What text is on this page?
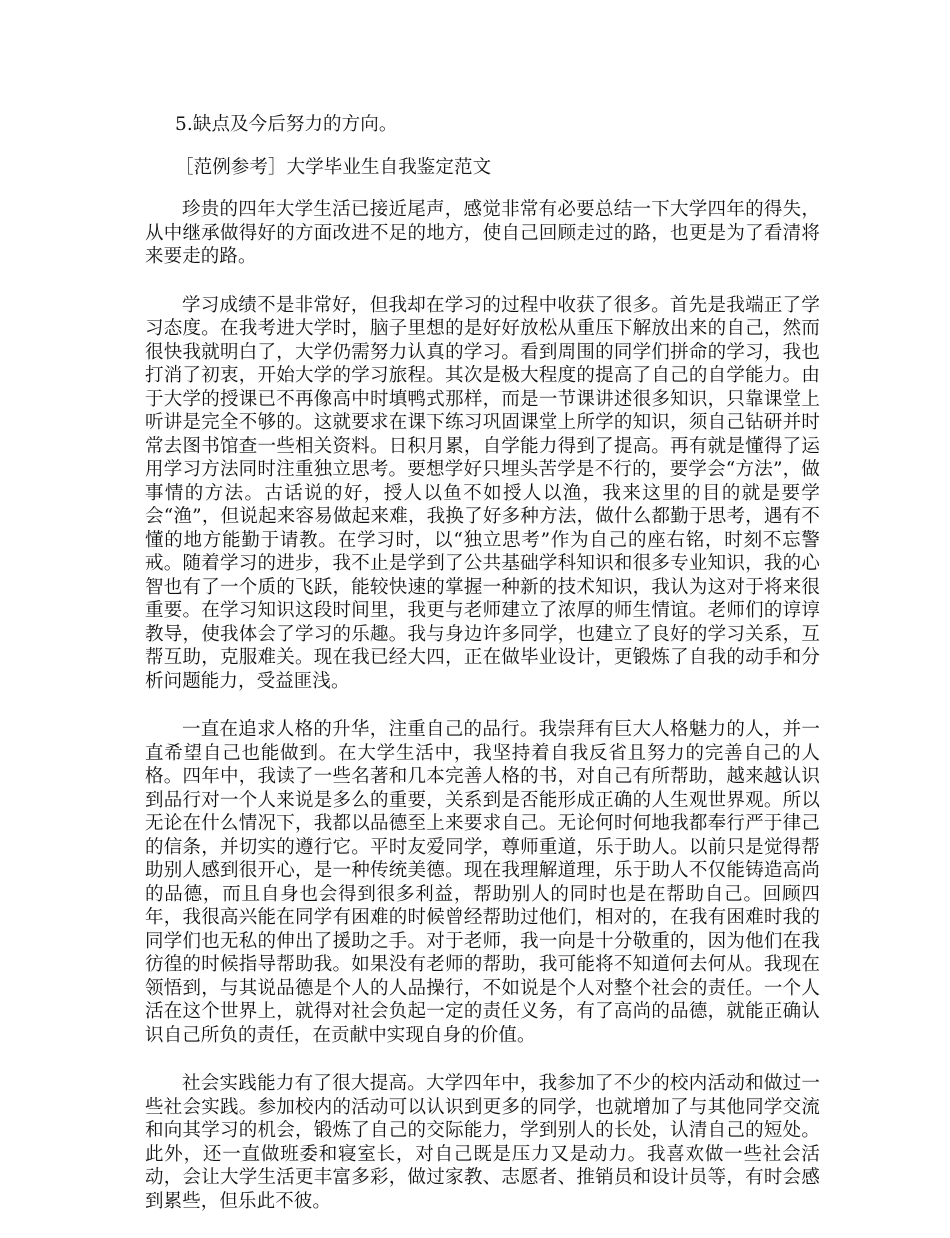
5.缺点及今后努力的方向。

［范例参考］大学毕业生自我鉴定范文

珍贵的四年大学生活已接近尾声，感觉非常有必要总结一下大学四年的得失，从中继承做得好的方面改进不足的地方，使自己回顾走过的路，也更是为了看清将来要走的路。

学习成绩不是非常好，但我却在学习的过程中收获了很多。首先是我端正了学习态度。在我考进大学时，脑子里想的是好好放松从重压下解放出来的自己，然而很快我就明白了，大学仍需努力认真的学习。看到周围的同学们拼命的学习，我也打消了初衷，开始大学的学习旅程。其次是极大程度的提高了自己的自学能力。由于大学的授课已不再像高中时填鸭式那样，而是一节课讲述很多知识，只靠课堂上听讲是完全不够的。这就要求在课下练习巩固课堂上所学的知识，须自己钻研并时常去图书馆查一些相关资料。日积月累，自学能力得到了提高。再有就是懂得了运用学习方法同时注重独立思考。要想学好只埋头苦学是不行的，要学会“方法”，做事情的方法。古话说的好，授人以鱼不如授人以渔，我来这里的目的就是要学会“渔”，但说起来容易做起来难，我换了好多种方法，做什么都勤于思考，遇有不懂的地方能勤于请教。在学习时，以“独立思考”作为自己的座右铭，时刻不忘警戒。随着学习的进步，我不止是学到了公共基础学科知识和很多专业知识，我的心智也有了一个质的飞跃，能较快速的掌握一种新的技术知识，我认为这对于将来很重要。在学习知识这段时间里，我更与老师建立了浓厚的师生情谊。老师们的谆谆教导，使我体会了学习的乐趣。我与身边许多同学，也建立了良好的学习关系，互帮互助，克服难关。现在我已经大四，正在做毕业设计，更锻炼了自我的动手和分析问题能力，受益匪浅。

一直在追求人格的升华，注重自己的品行。我崇拜有巨大人格魅力的人，并一直希望自己也能做到。在大学生活中，我坚持着自我反省且努力的完善自己的人格。四年中，我读了一些名著和几本完善人格的书，对自己有所帮助，越来越认识到品行对一个人来说是多么的重要，关系到是否能形成正确的人生观世界观。所以无论在什么情况下，我都以品德至上来要求自己。无论何时何地我都奉行严于律己的信条，并切实的遵行它。平时友爱同学，尊师重道，乐于助人。以前只是觉得帮助别人感到很开心，是一种传统美德。现在我理解道理，乐于助人不仅能铸造高尚的品德，而且自身也会得到很多利益，帮助别人的同时也是在帮助自己。回顾四年，我很高兴能在同学有困难的时候曾经帮助过他们，相对的，在我有困难时我的同学们也无私的伸出了援助之手。对于老师，我一向是十分敬重的，因为他们在我彷徨的时候指导帮助我。如果没有老师的帮助，我可能将不知道何去何从。我现在领悟到，与其说品德是个人的人品操行，不如说是个人对整个社会的责任。一个人活在这个世界上，就得对社会负起一定的责任义务，有了高尚的品德，就能正确认识自己所负的责任，在贡献中实现自身的价值。

社会实践能力有了很大提高。大学四年中，我参加了不少的校内活动和做过一些社会实践。参加校内的活动可以认识到更多的同学，也就增加了与其他同学交流和向其学习的机会，锻炼了自己的交际能力，学到别人的长处，认清自己的短处。此外，还一直做班委和寝室长，对自己既是压力又是动力。我喜欢做一些社会活动，会让大学生活更丰富多彩，做过家教、志愿者、推销员和设计员等，有时会感到累些，但乐此不彼。
